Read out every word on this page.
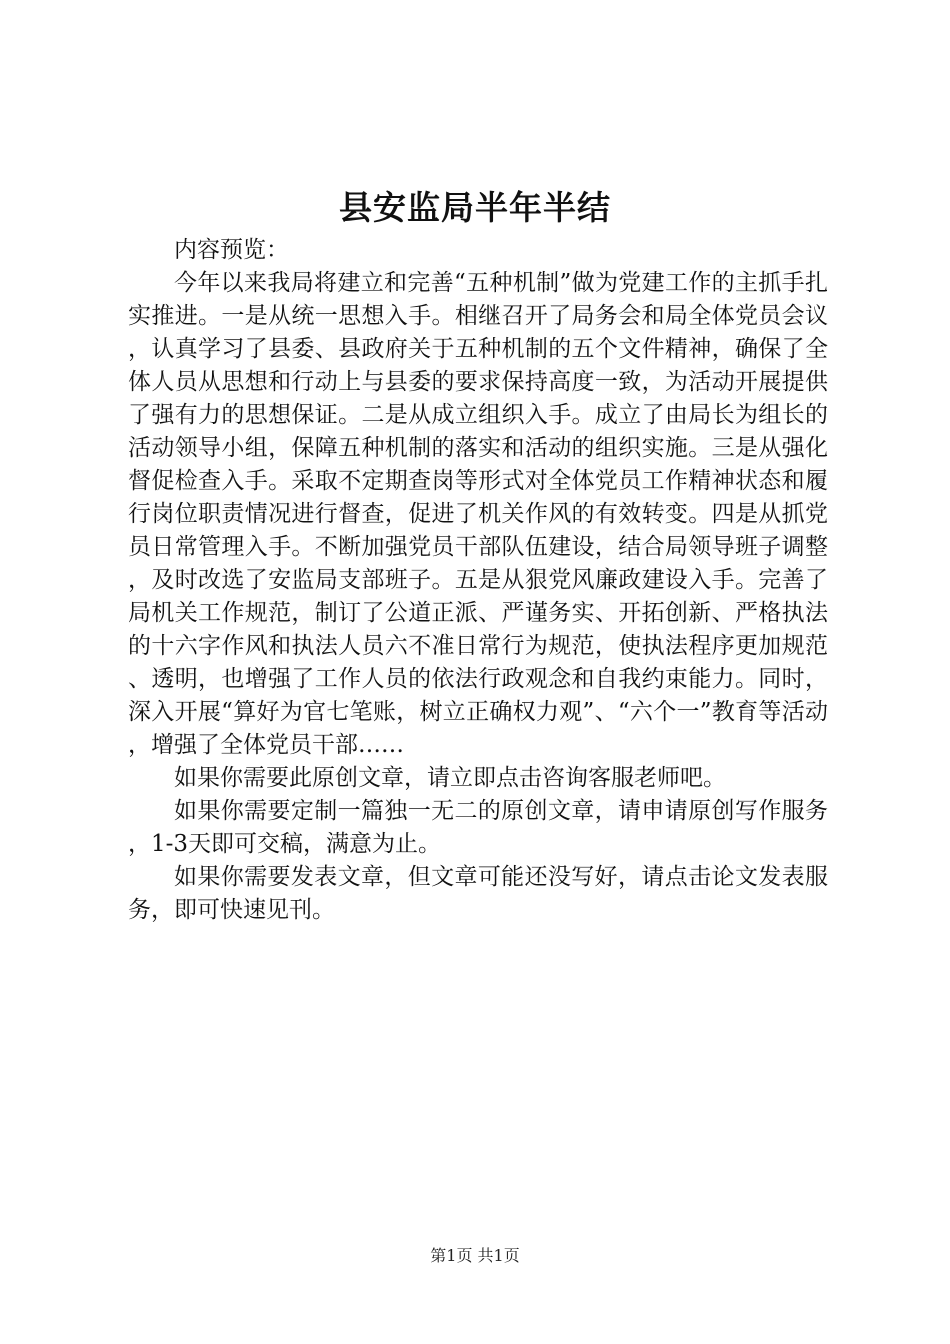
县安监局半年半结

内容预览：

今年以来我局将建立和完善“五种机制”做为党建工作的主抓手扎实推进。一是从统一思想入手。相继召开了局务会和局全体党员会议，认真学习了县委、县政府关于五种机制的五个文件精神，确保了全体人员从思想和行动上与县委的要求保持高度一致，为活动开展提供了强有力的思想保证。二是从成立组织入手。成立了由局长为组长的活动领导小组，保障五种机制的落实和活动的组织实施。三是从强化督促检查入手。采取不定期查岗等形式对全体党员工作精神状态和履行岗位职责情况进行督查，促进了机关作风的有效转变。四是从抓党员日常管理入手。不断加强党员干部队伍建设，结合局领导班子调整，及时改选了安监局支部班子。五是从狠党风廉政建设入手。完善了局机关工作规范，制订了公道正派、严谨务实、开拓创新、严格执法的十六字作风和执法人员六不准日常行为规范，使执法程序更加规范、透明，也增强了工作人员的依法行政观念和自我约束能力。同时，深入开展“算好为官七笔账，树立正确权力观”、“六个一”教育等活动，增强了全体党员干部……

如果你需要此原创文章，请立即点击咨询客服老师吧。

如果你需要定制一篇独一无二的原创文章，请申请原创写作服务，1-3天即可交稿，满意为止。

如果你需要发表文章，但文章可能还没写好，请点击论文发表服务，即可快速见刊。

第1页 共1页
